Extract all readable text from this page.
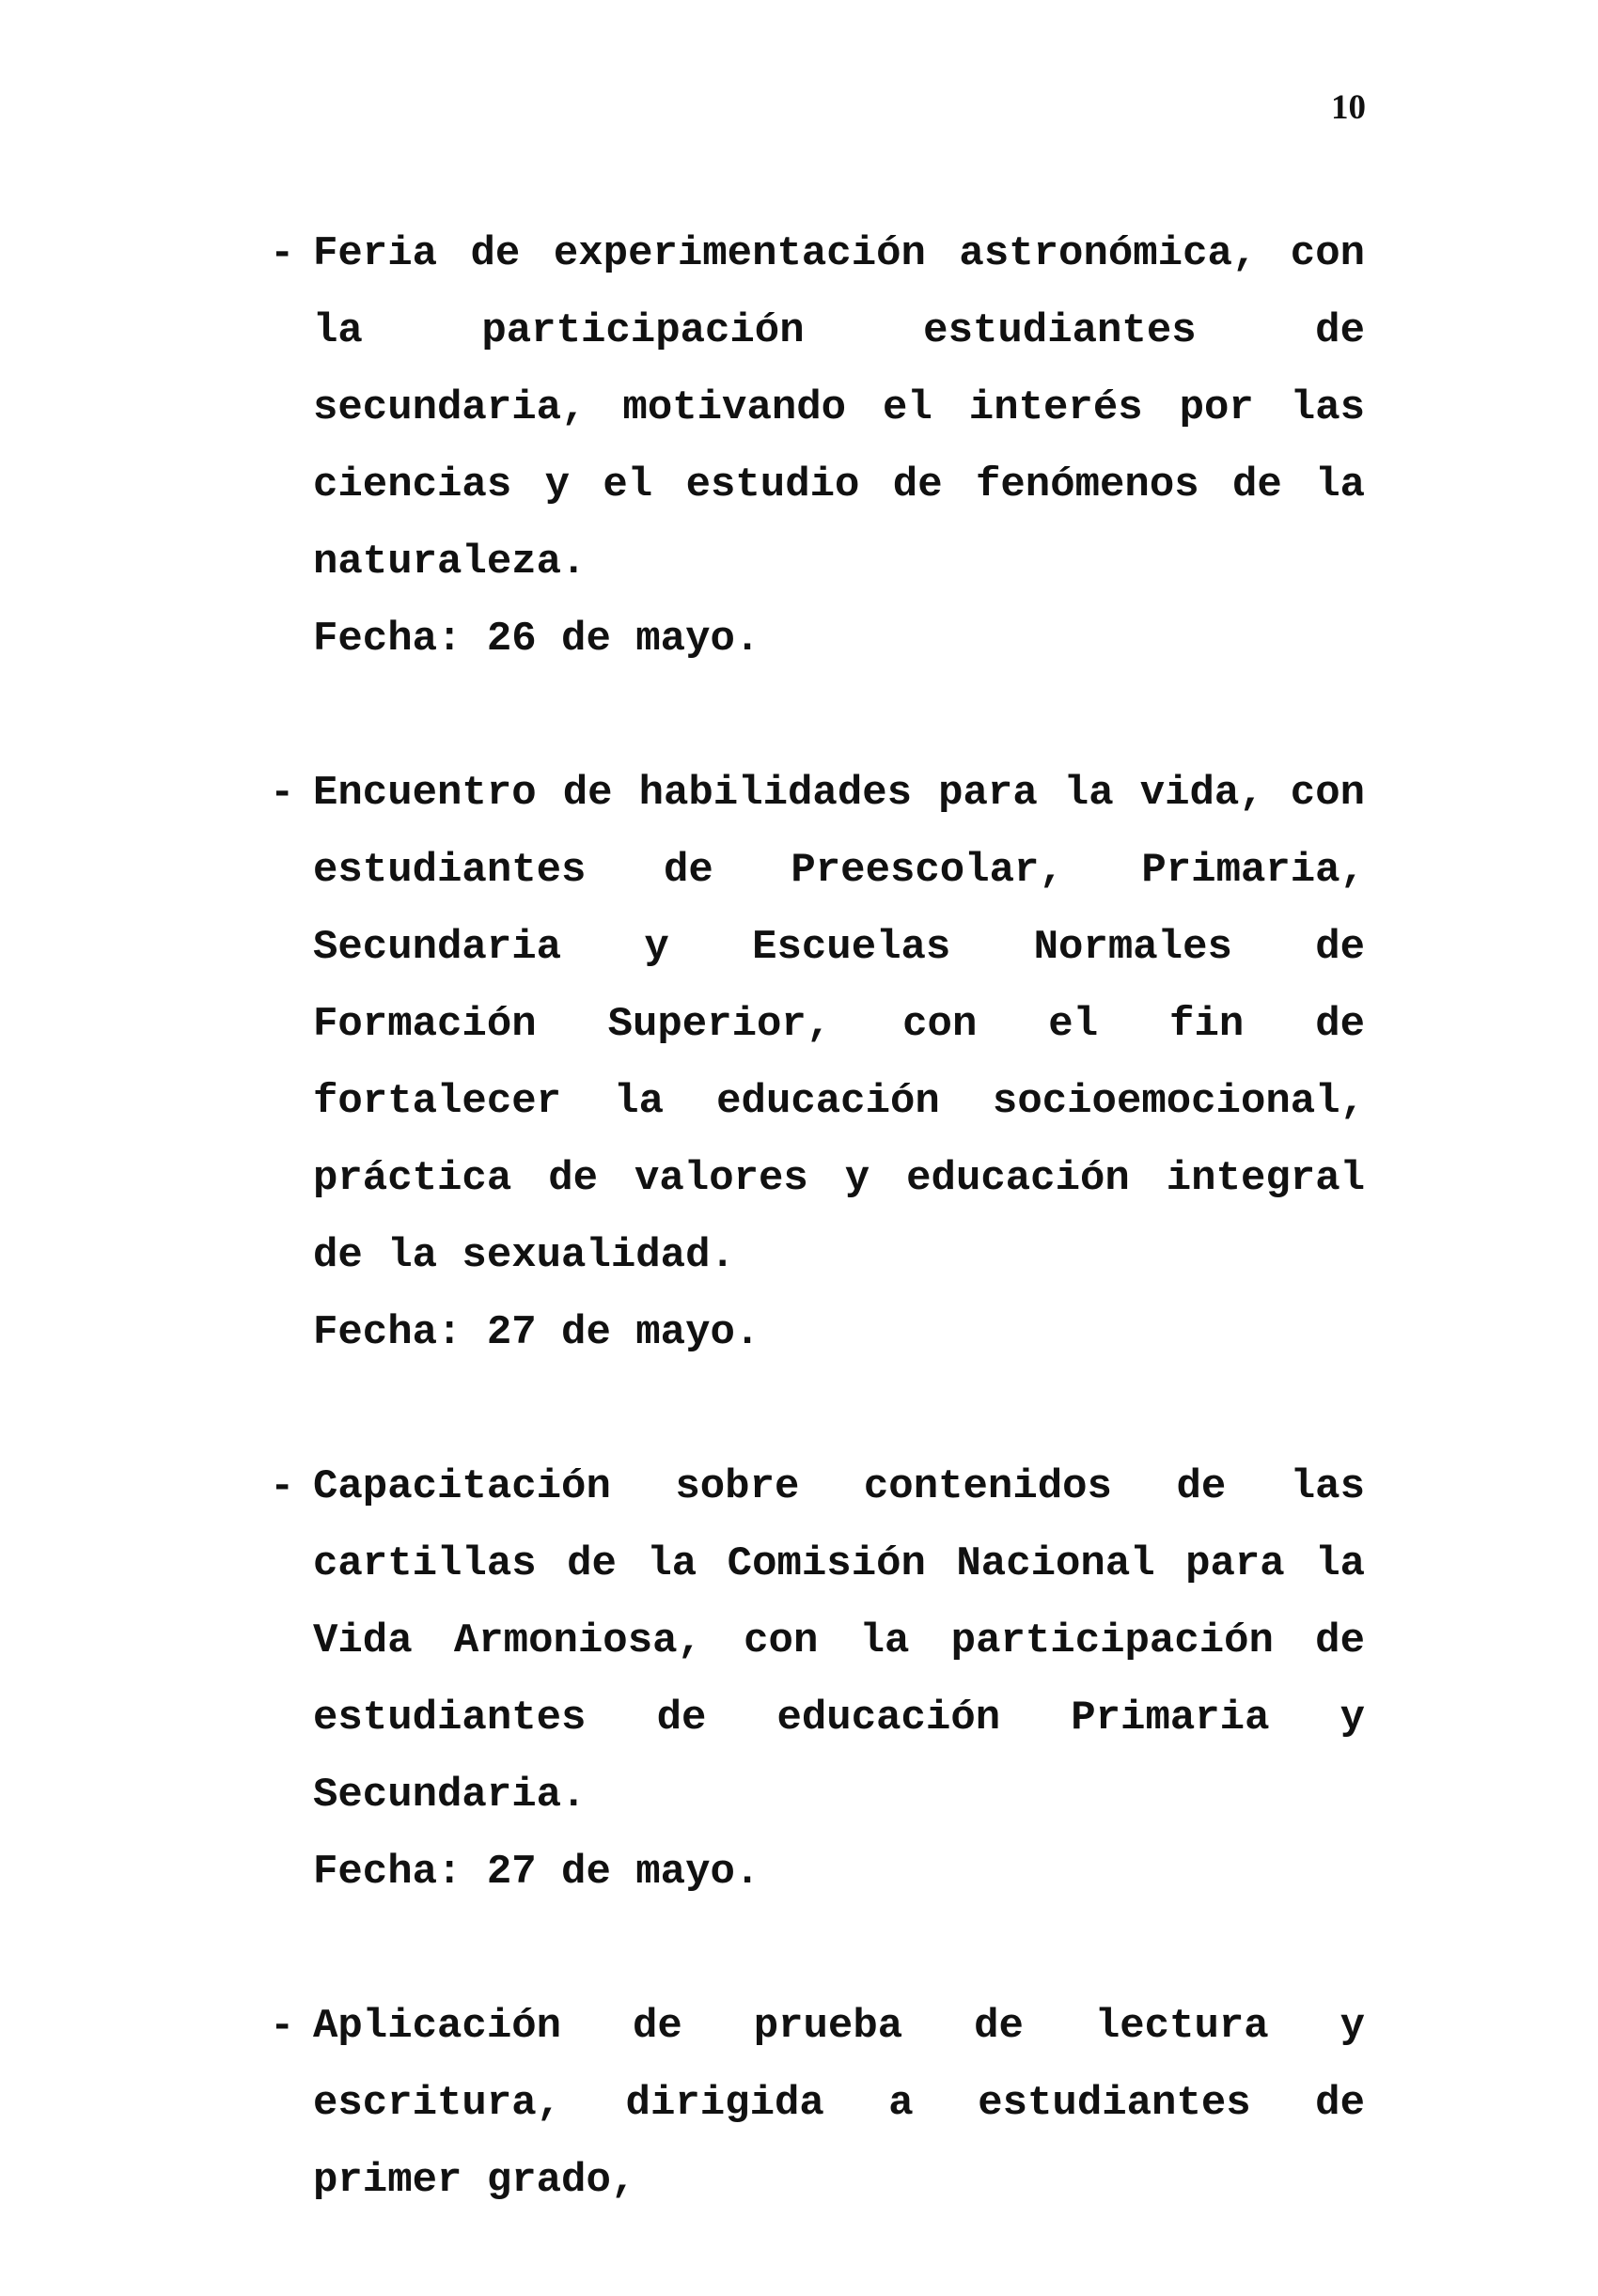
10
- Feria de experimentación astronómica, con la participación estudiantes de secundaria, motivando el interés por las ciencias y el estudio de fenómenos de la naturaleza.

Fecha: 26 de mayo.

- Encuentro de habilidades para la vida, con estudiantes de Preescolar, Primaria, Secundaria y Escuelas Normales de Formación Superior, con el fin de fortalecer la educación socioemocional, práctica de valores y educación integral de la sexualidad.

Fecha: 27 de mayo.

- Capacitación sobre contenidos de las cartillas de la Comisión Nacional para la Vida Armoniosa, con la participación de estudiantes de educación Primaria y Secundaria.

Fecha: 27 de mayo.

- Aplicación de prueba de lectura y escritura, dirigida a estudiantes de primer grado,
